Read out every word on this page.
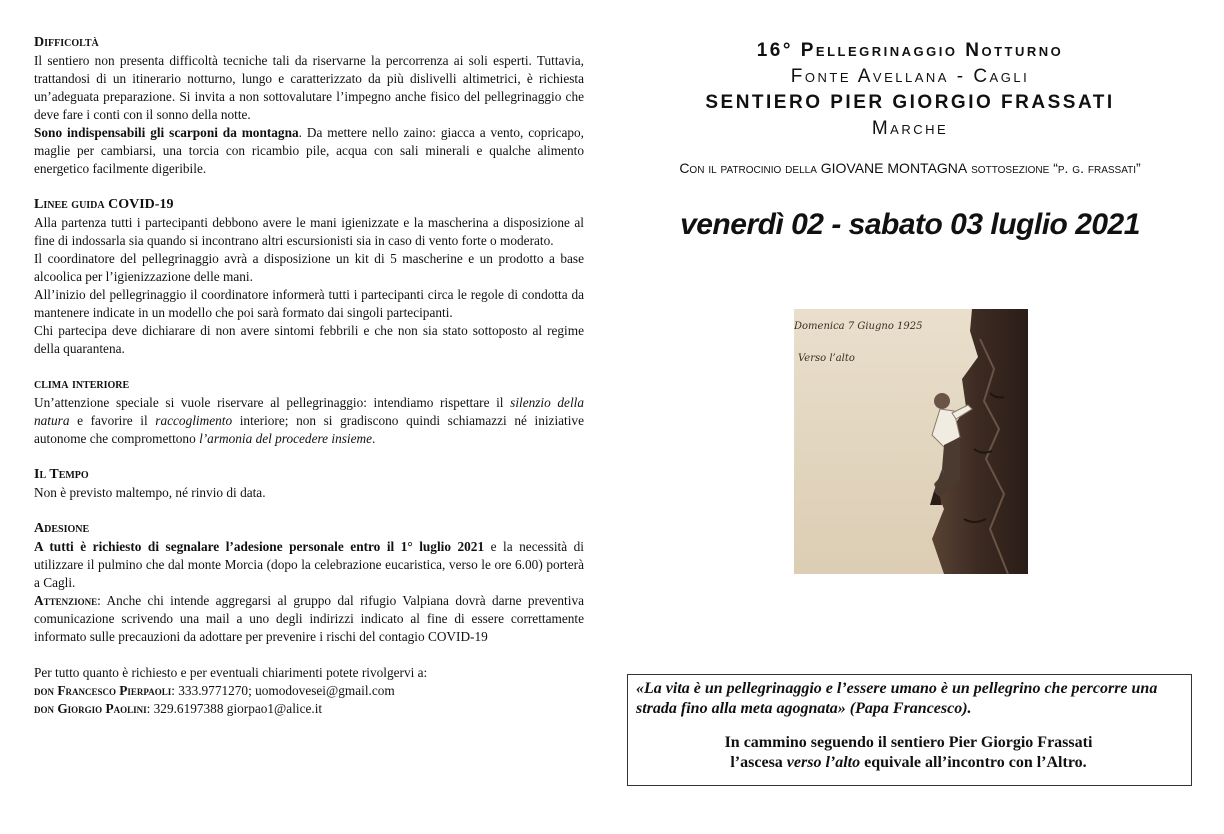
Difficoltà

Il sentiero non presenta difficoltà tecniche tali da riservarne la percorrenza ai soli esperti. Tuttavia, trattandosi di un itinerario notturno, lungo e caratterizzato da più dislivelli altimetrici, è richiesta un’adeguata preparazione. Si invita a non sottovalutare l’impegno anche fisico del pellegrinaggio che deve fare i conti con il sonno della notte.

Sono indispensabili gli scarponi da montagna. Da mettere nello zaino: giacca a vento, copricapo, maglie per cambiarsi, una torcia con ricambio pile, acqua con sali minerali e qualche alimento energetico facilmente digeribile.

Linee guida COVID-19

Alla partenza tutti i partecipanti debbono avere le mani igienizzate e la mascherina a disposizione al fine di indossarla sia quando si incontrano altri escursionisti sia in caso di vento forte o moderato.

Il coordinatore del pellegrinaggio avrà a disposizione un kit di 5 mascherine e un prodotto a base alcoolica per l’igienizzazione delle mani.

All’inizio del pellegrinaggio il coordinatore informerà tutti i partecipanti circa le regole di condotta da mantenere indicate in un modello che poi sarà formato dai singoli partecipanti.

Chi partecipa deve dichiarare di non avere sintomi febbrili e che non sia stato sottoposto al regime della quarantena.

clima interiore

Un’attenzione speciale si vuole riservare al pellegrinaggio: intendiamo rispettare il silenzio della natura e favorire il raccoglimento interiore; non si gradiscono quindi schiamazzi né iniziative autonome che compromettono l’armonia del procedere insieme.

Il Tempo

Non è previsto maltempo, né rinvio di data.

Adesione

A tutti è richiesto di segnalare l’adesione personale entro il 1° luglio 2021 e la necessità di utilizzare il pulmino che dal monte Morcia (dopo la celebrazione eucaristica, verso le ore 6.00) porterà a Cagli.

Attenzione: Anche chi intende aggregarsi al gruppo dal rifugio Valpiana dovrà darne preventiva comunicazione scrivendo una mail a uno degli indirizzi indicato al fine di essere correttamente informato sulle precauzioni da adottare per prevenire i rischi del contagio COVID-19

Per tutto quanto è richiesto e per eventuali chiarimenti potete rivolgervi a:

don Francesco Pierpaoli: 333.9771270; uomodovesei@gmail.com

don Giorgio Paolini: 329.6197388 giorpao1@alice.it

16° Pellegrinaggio Notturno
Fonte Avellana - Cagli
SENTIERO PIER GIORGIO FRASSATI
Marche
Con il patrocinio della GIOVANE MONTAGNA sottosezione “p. g. frassati”
venerdì 02 - sabato 03 luglio 2021
Domenica 7 Giugno 1925
Verso l’alto

«La vita è un pellegrinaggio e l’essere umano è un pellegrino che percorre una strada fino alla meta agognata» (Papa Francesco).

In cammino seguendo il sentiero Pier Giorgio Frassati
l’ascesa verso l’alto equivale all’incontro con l’Altro.
